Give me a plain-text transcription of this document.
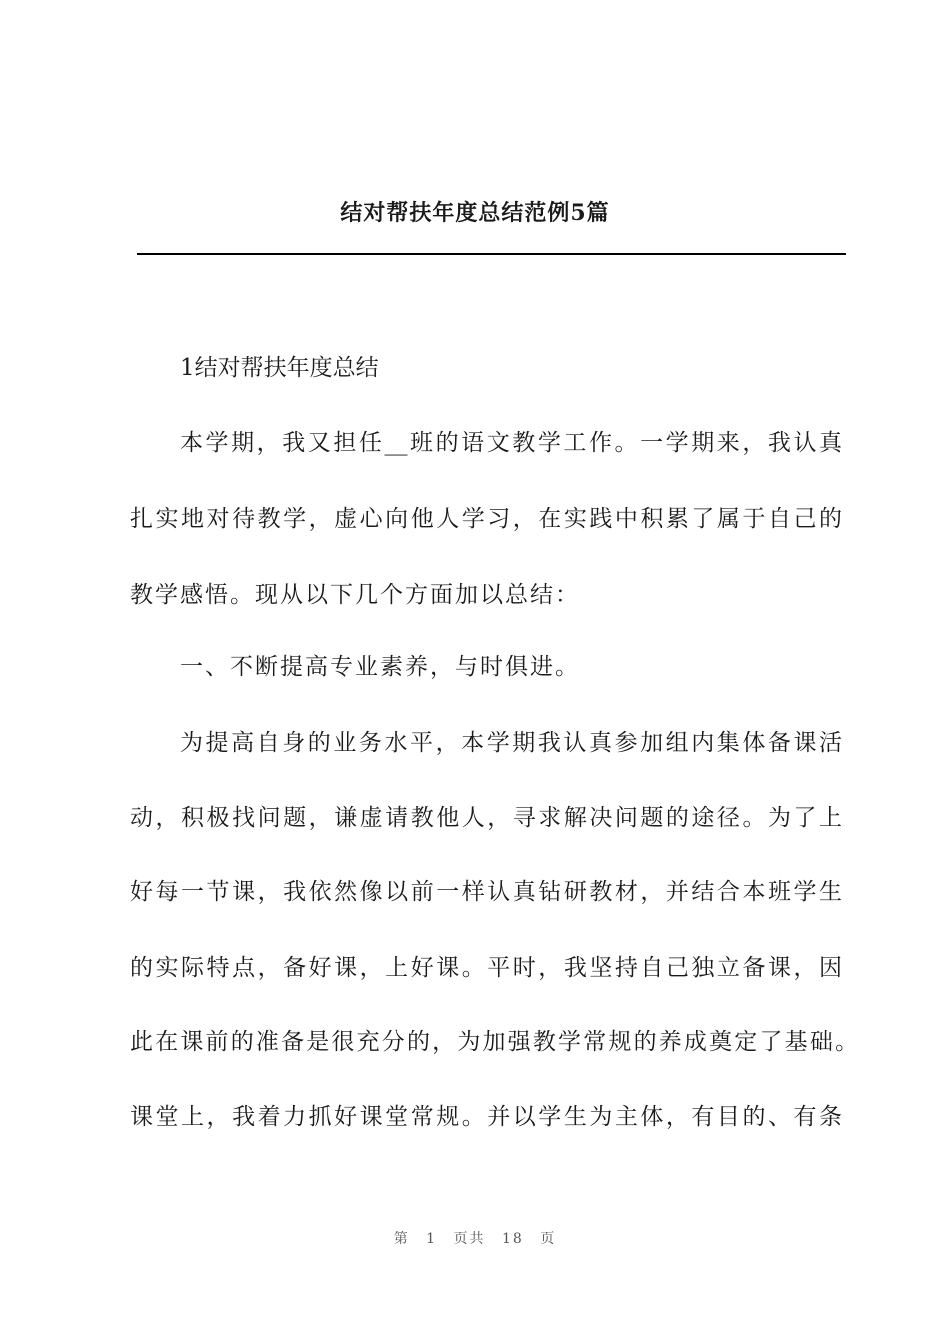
结对帮扶年度总结范例5篇
1结对帮扶年度总结
本学期，我又担任__班的语文教学工作。一学期来，我认真
扎实地对待教学，虚心向他人学习，在实践中积累了属于自己的
教学感悟。现从以下几个方面加以总结：
一、不断提高专业素养，与时俱进。
为提高自身的业务水平，本学期我认真参加组内集体备课活
动，积极找问题，谦虚请教他人，寻求解决问题的途径。为了上
好每一节课，我依然像以前一样认真钻研教材，并结合本班学生
的实际特点，备好课，上好课。平时，我坚持自己独立备课，因
此在课前的准备是很充分的，为加强教学常规的养成奠定了基础。
课堂上，我着力抓好课堂常规。并以学生为主体，有目的、有条
第 1 页共 18 页
